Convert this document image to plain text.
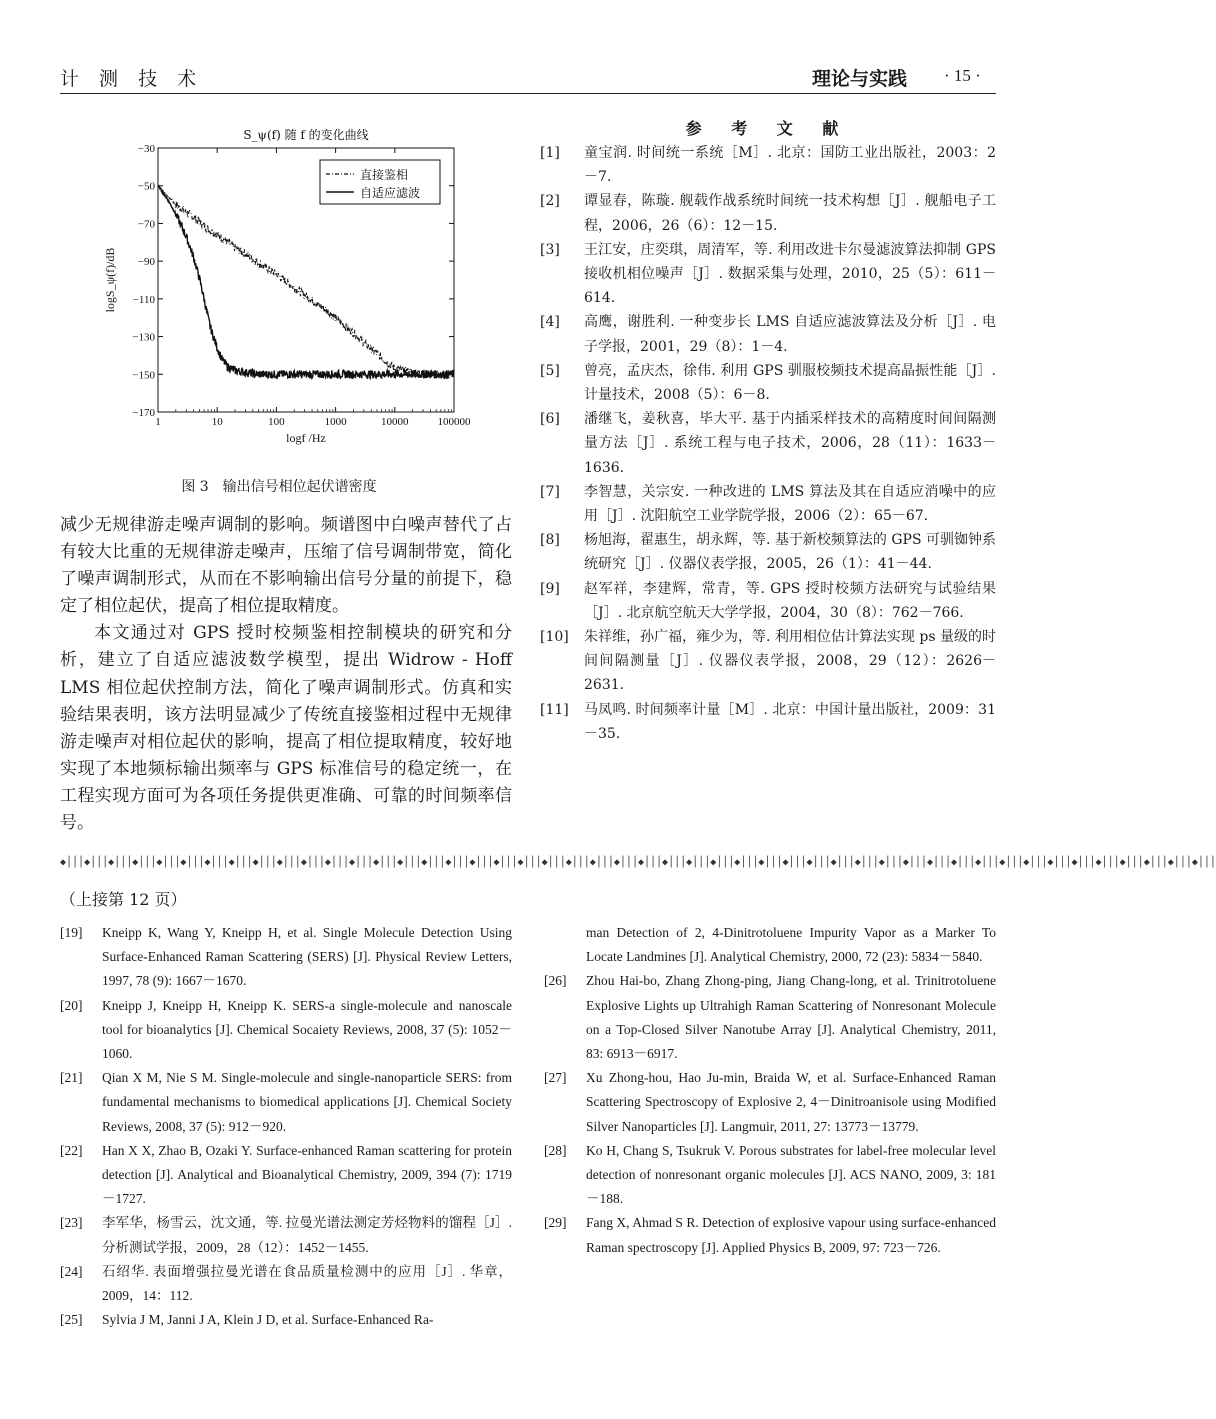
计 测 技 术	理论与实践 · 15 ·
S_ψ(f) 随 f 的变化曲线
−30
−50
−70
−90
−110
−130
−150
−170
1	10	100	1000	10000	100000
logf /Hz
logS_ψ(f)/dB
直接鉴相
自适应滤波
图 3 输出信号相位起伏谱密度

减少无规律游走噪声调制的影响。频谱图中白噪声替代了占有较大比重的无规律游走噪声，压缩了信号调制带宽，简化了噪声调制形式，从而在不影响输出信号分量的前提下，稳定了相位起伏，提高了相位提取精度。

本文通过对 GPS 授时校频鉴相控制模块的研究和分析，建立了自适应滤波数学模型，提出 Widrow - Hoff LMS 相位起伏控制方法，简化了噪声调制形式。仿真和实验结果表明，该方法明显减少了传统直接鉴相过程中无规律游走噪声对相位起伏的影响，提高了相位提取精度，较好地实现了本地频标输出频率与 GPS 标准信号的稳定统一，在工程实现方面可为各项任务提供更准确、可靠的时间频率信号。

参 考 文 献
[1]	童宝润. 时间统一系统［M］. 北京：国防工业出版社，2003：2－7.
[2]	谭显春，陈璇. 舰载作战系统时间统一技术构想［J］. 舰船电子工程，2006，26（6）：12－15.
[3]	王江安，庄奕琪，周清军，等. 利用改进卡尔曼滤波算法抑制 GPS 接收机相位噪声［J］. 数据采集与处理，2010，25（5）：611－614.
[4]	高鹰，谢胜利. 一种变步长 LMS 自适应滤波算法及分析［J］. 电子学报，2001，29（8）：1－4.
[5]	曾亮，孟庆杰，徐伟. 利用 GPS 驯服校频技术提高晶振性能［J］. 计量技术，2008（5）：6－8.
[6]	潘继飞，姜秋喜，毕大平. 基于内插采样技术的高精度时间间隔测量方法［J］. 系统工程与电子技术，2006，28（11）：1633－1636.
[7]	李智慧，关宗安. 一种改进的 LMS 算法及其在自适应消噪中的应用［J］. 沈阳航空工业学院学报，2006（2）：65－67.
[8]	杨旭海，翟惠生，胡永辉，等. 基于新校频算法的 GPS 可驯铷钟系统研究［J］. 仪器仪表学报，2005，26（1）：41－44.
[9]	赵军祥，李建辉，常青，等. GPS 授时校频方法研究与试验结果［J］. 北京航空航天大学学报，2004，30（8）：762－766.
[10]	朱祥维，孙广福，雍少为，等. 利用相位估计算法实现 ps 量级的时间间隔测量［J］. 仪器仪表学报，2008，29（12）：2626－2631.
[11]	马凤鸣. 时间频率计量［M］. 北京：中国计量出版社，2009：31－35.
◆│││◆│││◆│││◆│││◆│││◆│││◆│││◆│││◆│││◆│││◆│││◆│││◆│││◆│││◆│││◆│││◆│││◆│││◆│││◆│││◆│││◆│││◆│││◆│││◆│││◆│││◆│││◆│││◆│││◆│││◆│││◆│││◆│││◆│││◆│││◆│││◆│││◆│││◆│││◆│││◆│││◆│││◆│││◆│││◆│││◆│││◆│││◆│││
（上接第 12 页）
[19]	Kneipp K, Wang Y, Kneipp H, et al. Single Molecule Detection Using Surface-Enhanced Raman Scattering (SERS) [J]. Physical Review Letters, 1997, 78 (9): 1667－1670.
[20]	Kneipp J, Kneipp H, Kneipp K. SERS-a single-molecule and nanoscale tool for bioanalytics [J]. Chemical Socaiety Reviews, 2008, 37 (5): 1052－1060.
[21]	Qian X M, Nie S M. Single-molecule and single-nanoparticle SERS: from fundamental mechanisms to biomedical applications [J]. Chemical Society Reviews, 2008, 37 (5): 912－920.
[22]	Han X X, Zhao B, Ozaki Y. Surface-enhanced Raman scattering for protein detection [J]. Analytical and Bioanalytical Chemistry, 2009, 394 (7): 1719－1727.
[23]	李军华，杨雪云，沈文通，等. 拉曼光谱法测定芳烃物料的馏程［J］. 分析测试学报，2009，28（12）：1452－1455.
[24]	石绍华. 表面增强拉曼光谱在食品质量检测中的应用［J］. 华章，2009，14：112.
[25]	Sylvia J M, Janni J A, Klein J D, et al. Surface-Enhanced Ra-
man Detection of 2, 4-Dinitrotoluene Impurity Vapor as a Marker To Locate Landmines [J]. Analytical Chemistry, 2000, 72 (23): 5834－5840.
[26]	Zhou Hai-bo, Zhang Zhong-ping, Jiang Chang-long, et al. Trinitrotoluene Explosive Lights up Ultrahigh Raman Scattering of Nonresonant Molecule on a Top-Closed Silver Nanotube Array [J]. Analytical Chemistry, 2011, 83: 6913－6917.
[27]	Xu Zhong-hou, Hao Ju-min, Braida W, et al. Surface-Enhanced Raman Scattering Spectroscopy of Explosive 2, 4－Dinitroanisole using Modified Silver Nanoparticles [J]. Langmuir, 2011, 27: 13773－13779.
[28]	Ko H, Chang S, Tsukruk V. Porous substrates for label-free molecular level detection of nonresonant organic molecules [J]. ACS NANO, 2009, 3: 181－188.
[29]	Fang X, Ahmad S R. Detection of explosive vapour using surface-enhanced Raman spectroscopy [J]. Applied Physics B, 2009, 97: 723－726.
